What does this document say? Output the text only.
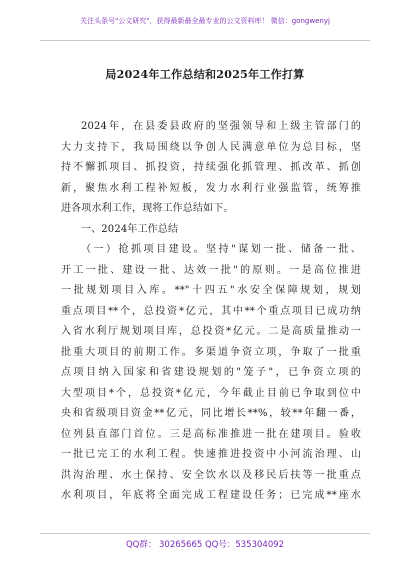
关注头条号"公文研究"，获得最新最全最专业的公文资料库！ 微信：gongwenyj
局2024年工作总结和2025年工作打算
2024年，在县委县政府的坚强领导和上级主管部门的
大力支持下，我局围绕以争创人民满意单位为总目标，坚
持不懈抓项目、抓投资，持续强化抓管理、抓改革、抓创
新，聚焦水利工程补短板，发力水利行业强监管，统筹推
进各项水利工作，现将工作总结如下。
一、2024年工作总结
（一）抢抓项目建设。坚持"谋划一批、储备一批、
开工一批、建设一批、达效一批"的原则。一是高位推进
一批规划项目入库。**"十四五"水安全保障规划，规划
重点项目**个，总投资*亿元，其中**个重点项目已成功纳
入省水利厅规划项目库，总投资*亿元。二是高质量推动一
批重大项目的前期工作。多渠道争资立项，争取了一批重
点项目纳入国家和省建设规划的"笼子"，已争资立项的
大型项目*个，总投资*亿元，今年截止目前已争取到位中
央和省级项目资金**亿元，同比增长**%，较**年翻一番，
位列县直部门首位。三是高标准推进一批在建项目。验收
一批已完工的水利工程。快速推进投资中小河流治理、山
洪沟治理、水土保持、安全饮水以及移民后扶等一批重点
水利项目，年底将全面完成工程建设任务；已完成**座水
QQ群： 30265665 QQ号：535304092
